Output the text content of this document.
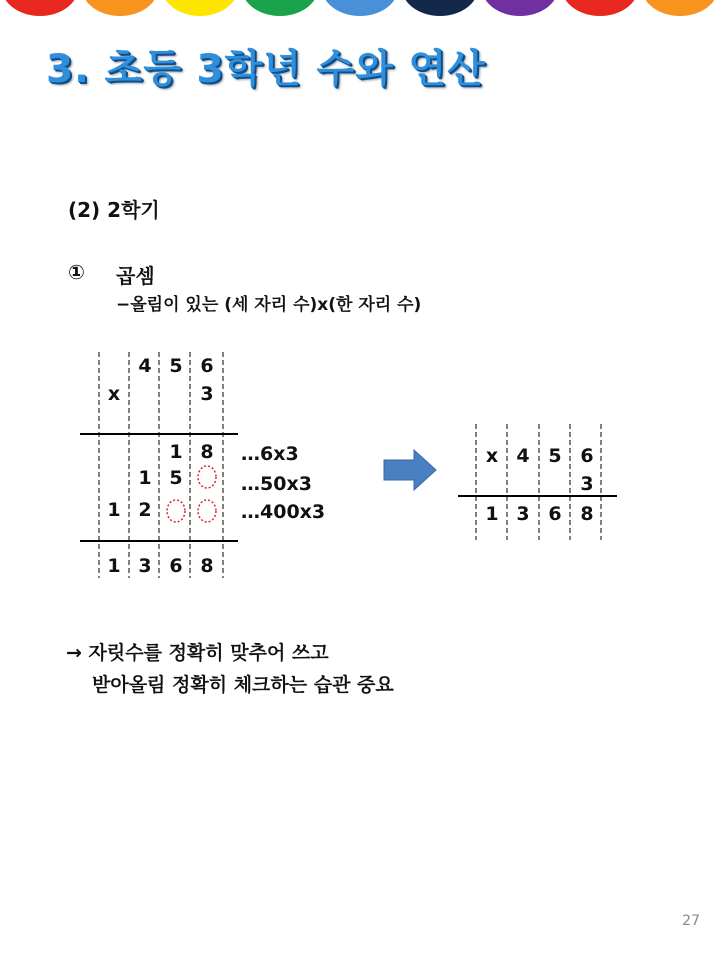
3. 초등 3학년 수와 연산
(2) 2학기
① 곱셈
−올림이 있는 (세 자리 수)x(한 자리 수)
4 5 6
x	3
1 8
1 5
1 2
1 3 6 8
…6x3
…50x3
…400x3
x 4 5 6
3
1 3 6 8
→ 자릿수를 정확히 맞추어 쓰고
받아올림 정확히 체크하는 습관 중요
27
